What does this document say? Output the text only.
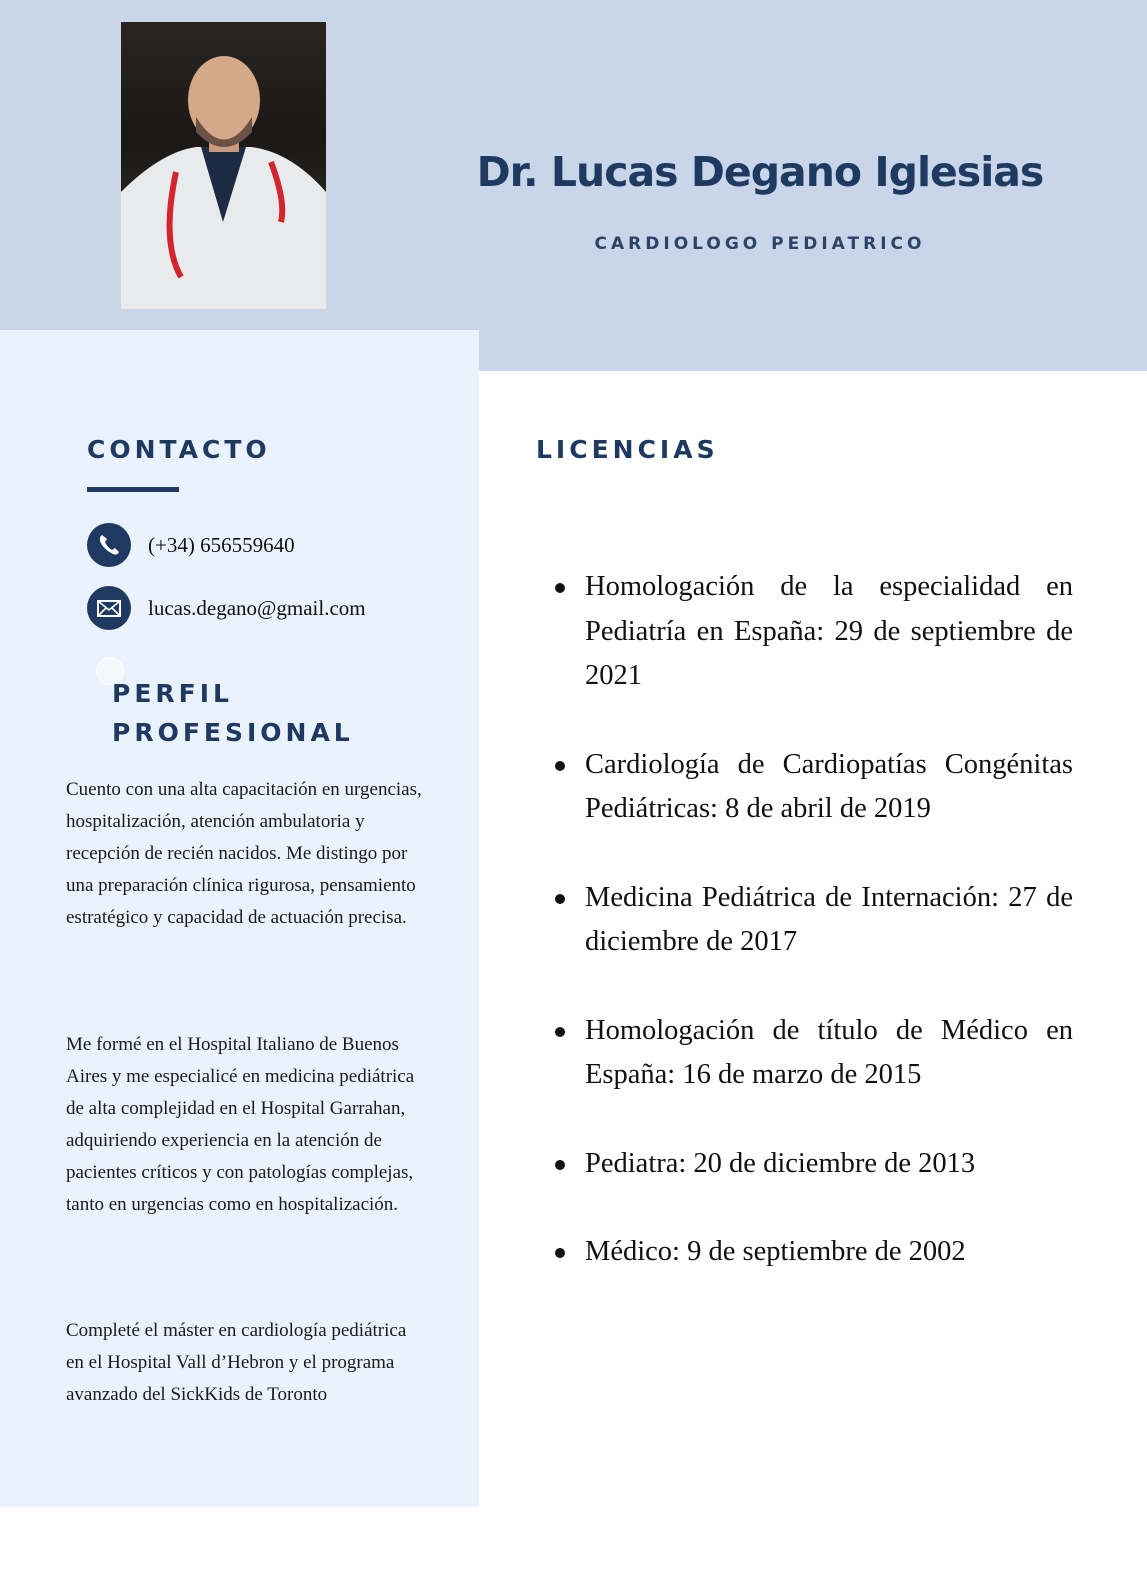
Dr. Lucas Degano Iglesias
CARDIOLOGO PEDIATRICO
CONTACTO
(+34) 656559640
lucas.degano@gmail.com
PERFIL
PROFESIONAL

Cuento con una alta capacitación en urgencias, hospitalización, atención ambulatoria y recepción de recién nacidos. Me distingo por una preparación clínica rigurosa, pensamiento estratégico y capacidad de actuación precisa.

Me formé en el Hospital Italiano de Buenos Aires y me especialicé en medicina pediátrica de alta complejidad en el Hospital Garrahan, adquiriendo experiencia en la atención de pacientes críticos y con patologías complejas, tanto en urgencias como en hospitalización.

Completé el máster en cardiología pediátrica en el Hospital Vall d’Hebron y el programa avanzado del SickKids de Toronto

LICENCIAS
Homologación de la especialidad en Pediatría en España: 29 de septiembre de 2021
Cardiología de Cardiopatías Congénitas Pediátricas: 8 de abril de 2019
Medicina Pediátrica de Internación: 27 de diciembre de 2017
Homologación de título de Médico en España: 16 de marzo de 2015
Pediatra: 20 de diciembre de 2013
Médico: 9 de septiembre de 2002
